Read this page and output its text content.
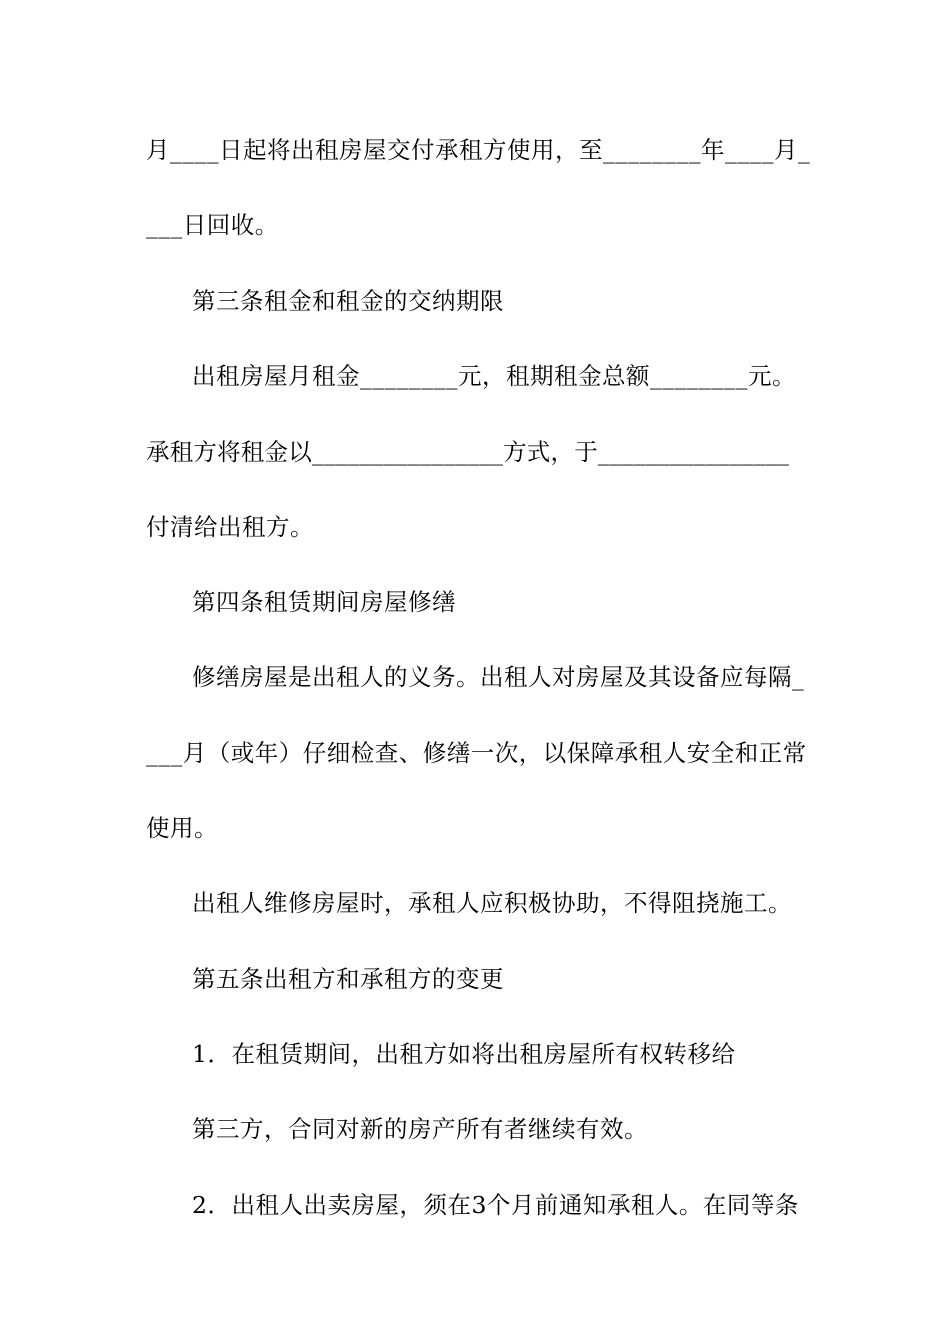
月____日起将出租房屋交付承租方使用，至________年____月_
___日回收。
第三条租金和租金的交纳期限
出租房屋月租金________元，租期租金总额________元。
承租方将租金以________________方式，于________________
付清给出租方。
第四条租赁期间房屋修缮
修缮房屋是出租人的义务。出租人对房屋及其设备应每隔_
___月（或年）仔细检查、修缮一次，以保障承租人安全和正常
使用。
出租人维修房屋时，承租人应积极协助，不得阻挠施工。
第五条出租方和承租方的变更
1．在租赁期间，出租方如将出租房屋所有权转移给
第三方，合同对新的房产所有者继续有效。
2．出租人出卖房屋，须在3个月前通知承租人。在同等条
